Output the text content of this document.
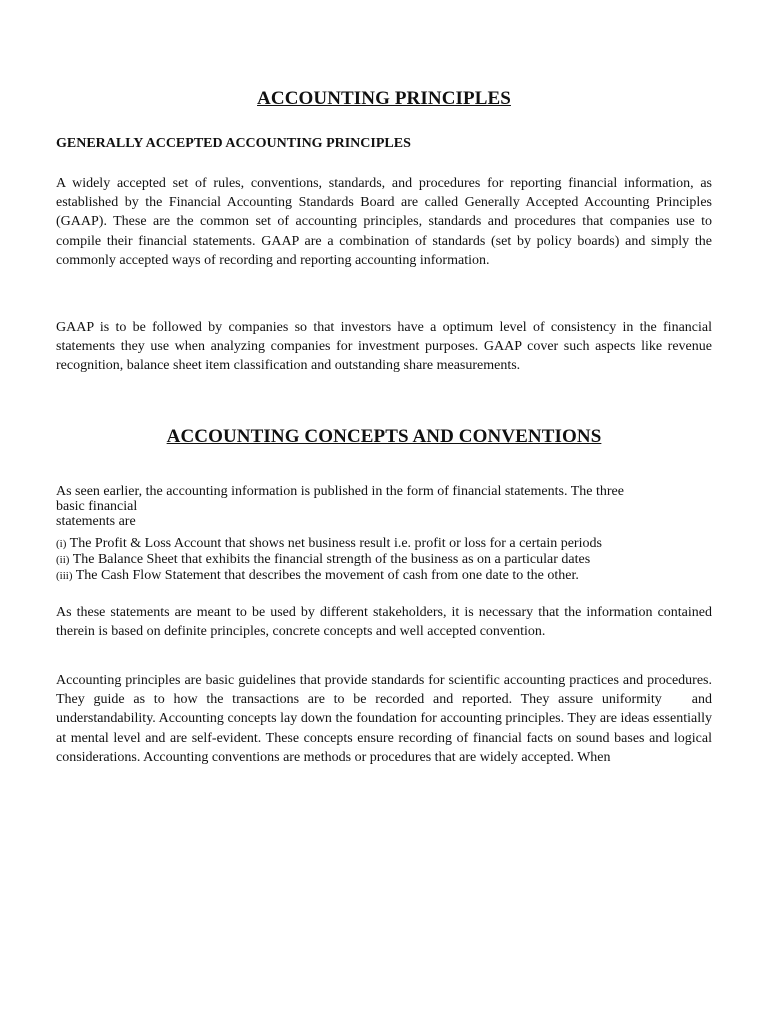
ACCOUNTING PRINCIPLES
GENERALLY ACCEPTED ACCOUNTING PRINCIPLES

A widely accepted set of rules, conventions, standards, and procedures for reporting financial information, as established by the Financial Accounting Standards Board are called Generally Accepted Accounting Principles (GAAP). These are the common set of accounting principles, standards and procedures that companies use to compile their financial statements. GAAP are a combination of standards (set by policy boards) and simply the commonly accepted ways of recording and reporting accounting information.

GAAP is to be followed by companies so that investors have a optimum level of consistency in the financial statements they use when analyzing companies for investment purposes. GAAP cover such aspects like revenue recognition, balance sheet item classification and outstanding share measurements.

ACCOUNTING CONCEPTS AND CONVENTIONS
As seen earlier, the accounting information is published in the form of financial statements. The three
basic financial
statements are
(i) The Profit & Loss Account that shows net business result i.e. profit or loss for a certain periods
(ii) The Balance Sheet that exhibits the financial strength of the business as on a particular dates
(iii) The Cash Flow Statement that describes the movement of cash from one date to the other.

As these statements are meant to be used by different stakeholders, it is necessary that the information contained therein is based on definite principles, concrete concepts and well accepted convention.

Accounting principles are basic guidelines that provide standards for scientific accounting practices and procedures. They guide as to how the transactions are to be recorded and reported. They assure uniformity and understandability. Accounting concepts lay down the foundation for accounting principles. They are ideas essentially at mental level and are self-evident. These concepts ensure recording of financial facts on sound bases and logical considerations. Accounting conventions are methods or procedures that are widely accepted. When
